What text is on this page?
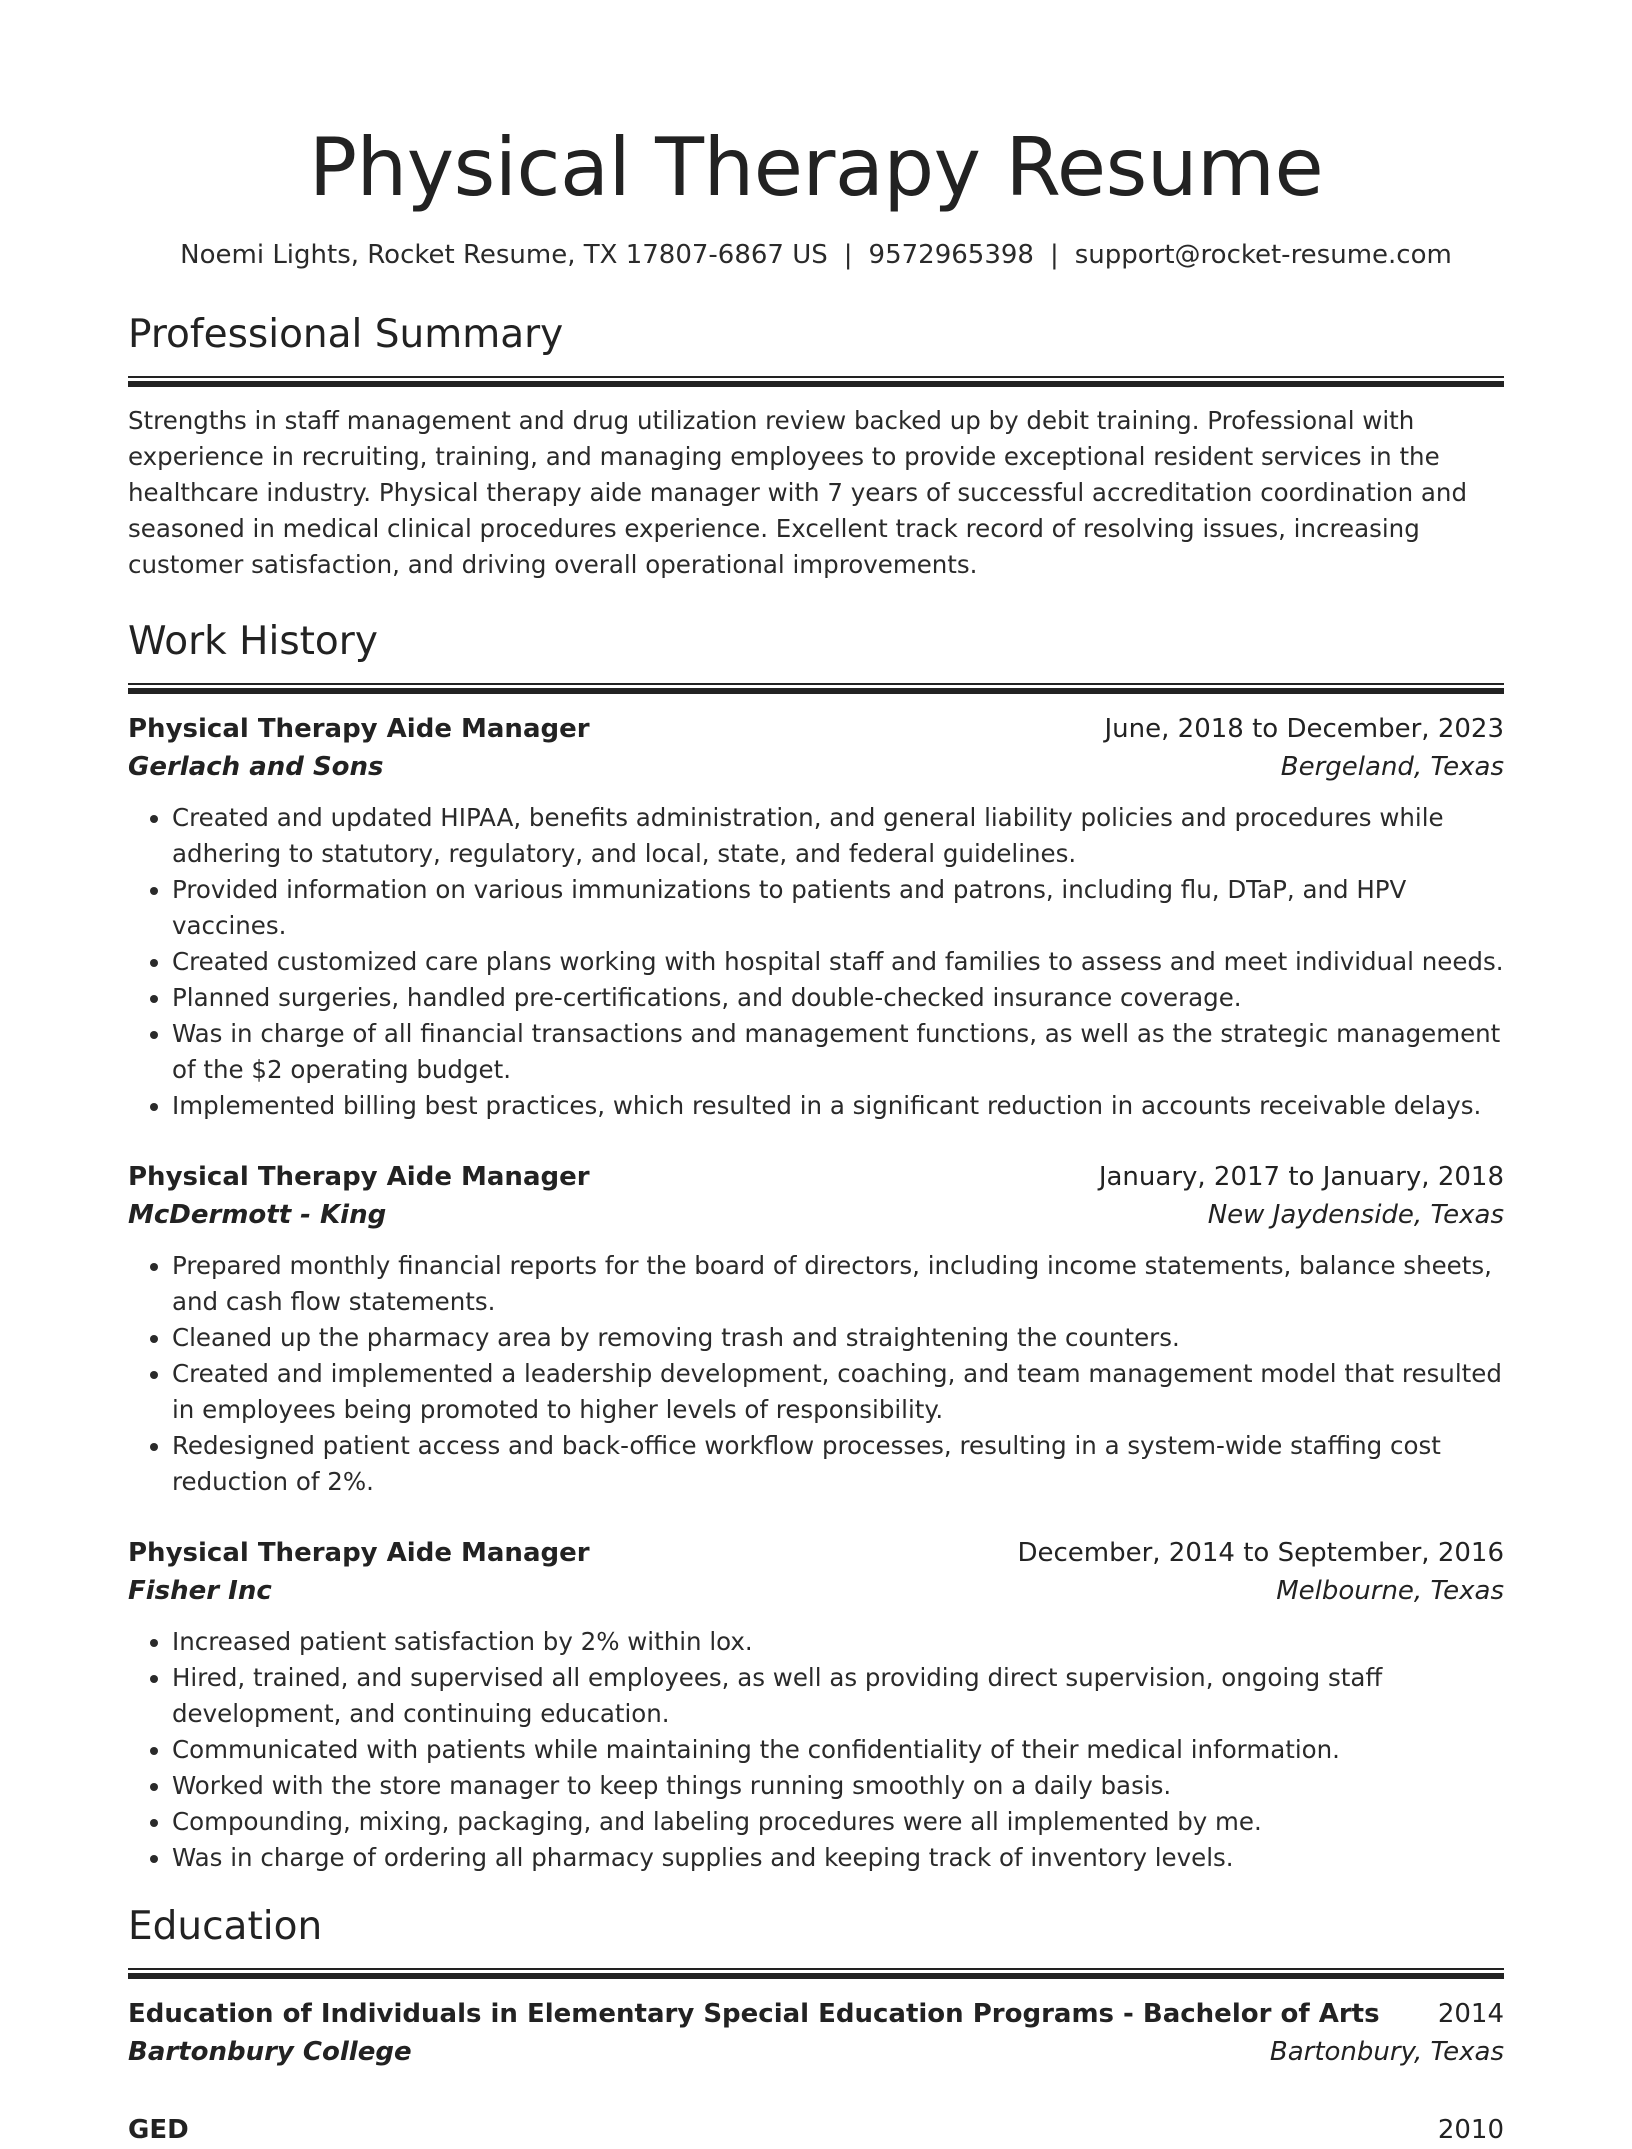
Physical Therapy Resume
Noemi Lights, Rocket Resume, TX 17807-6867 US | 9572965398 | support@rocket-resume.com
Professional Summary

Strengths in staff management and drug utilization review backed up by debit training. Professional with experience in recruiting, training, and managing employees to provide exceptional resident services in the healthcare industry. Physical therapy aide manager with 7 years of successful accreditation coordination and seasoned in medical clinical procedures experience. Excellent track record of resolving issues, increasing customer satisfaction, and driving overall operational improvements.

Work History
Physical Therapy Aide Manager	June, 2018 to December, 2023
Gerlach and Sons	Bergeland, Texas
• Created and updated HIPAA, benefits administration, and general liability policies and procedures while adhering to statutory, regulatory, and local, state, and federal guidelines.
• Provided information on various immunizations to patients and patrons, including flu, DTaP, and HPV vaccines.
• Created customized care plans working with hospital staff and families to assess and meet individual needs.
• Planned surgeries, handled pre-certifications, and double-checked insurance coverage.
• Was in charge of all financial transactions and management functions, as well as the strategic management of the $2 operating budget.
• Implemented billing best practices, which resulted in a significant reduction in accounts receivable delays.
Physical Therapy Aide Manager	January, 2017 to January, 2018
McDermott - King	New Jaydenside, Texas
• Prepared monthly financial reports for the board of directors, including income statements, balance sheets, and cash flow statements.
• Cleaned up the pharmacy area by removing trash and straightening the counters.
• Created and implemented a leadership development, coaching, and team management model that resulted in employees being promoted to higher levels of responsibility.
• Redesigned patient access and back-office workflow processes, resulting in a system-wide staffing cost reduction of 2%.
Physical Therapy Aide Manager	December, 2014 to September, 2016
Fisher Inc	Melbourne, Texas
• Increased patient satisfaction by 2% within lox.
• Hired, trained, and supervised all employees, as well as providing direct supervision, ongoing staff development, and continuing education.
• Communicated with patients while maintaining the confidentiality of their medical information.
• Worked with the store manager to keep things running smoothly on a daily basis.
• Compounding, mixing, packaging, and labeling procedures were all implemented by me.
• Was in charge of ordering all pharmacy supplies and keeping track of inventory levels.
Education
Education of Individuals in Elementary Special Education Programs - Bachelor of Arts 2014
Bartonbury College	Bartonbury, Texas
GED	2010
